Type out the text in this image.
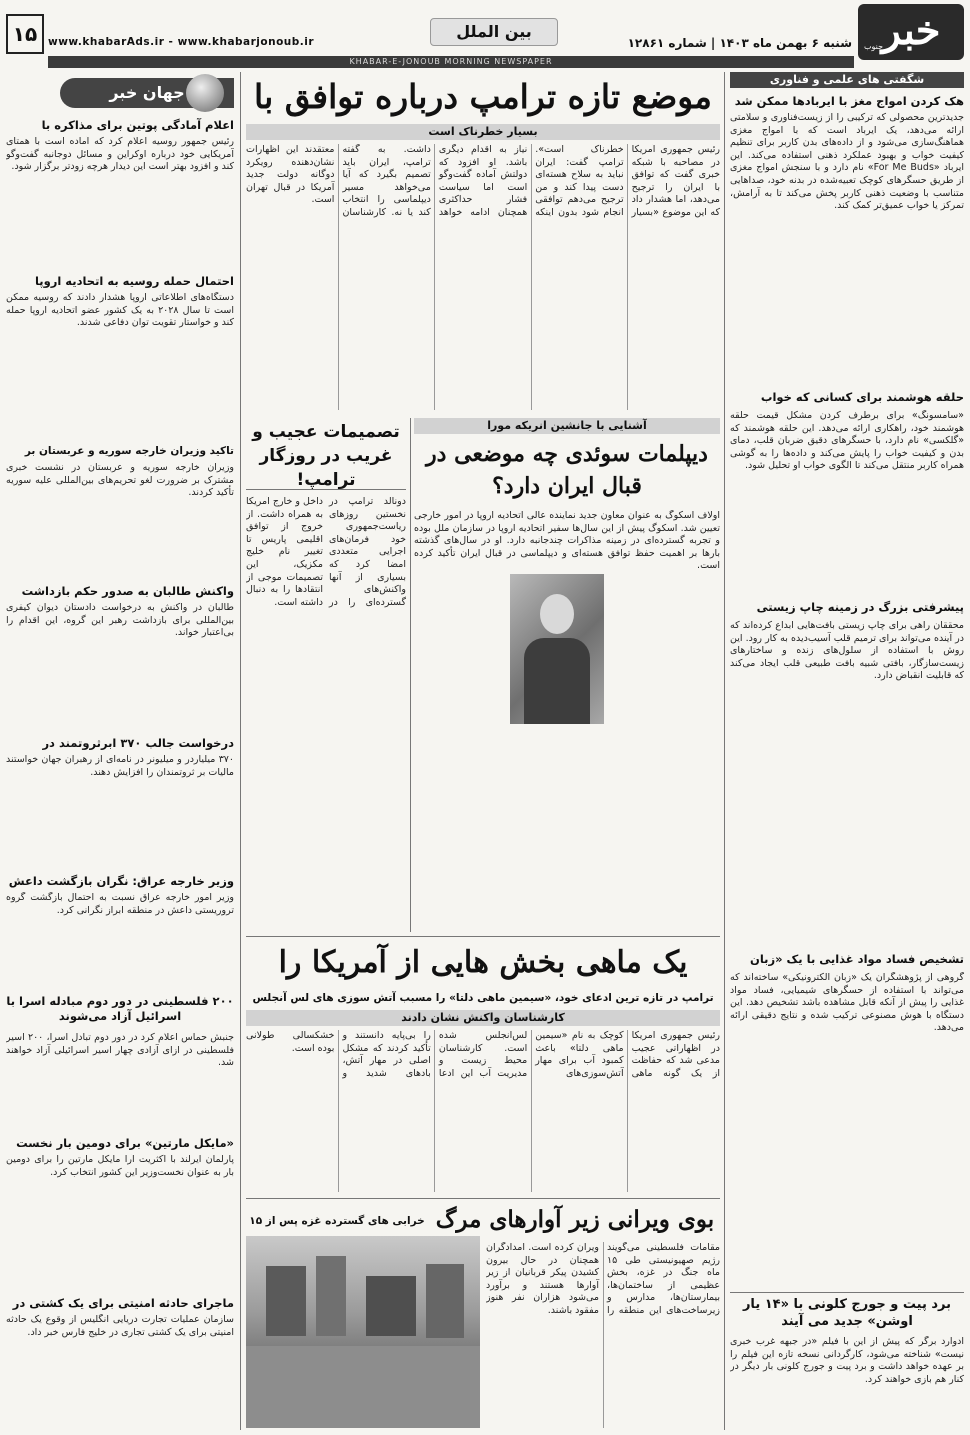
خبر
جنوب
شنبه ۶ بهمن ماه ۱۴۰۳ | شماره ۱۲۸۶۱
بین الملل
www.khabarAds.ir - www.khabarjonoub.ir
۱۵
KHABAR-E-JONOUB MORNING NEWSPAPER
شگفتی های علمی و فناوری
هک کردن امواج مغز با ایربادها ممکن شد
جدیدترین محصولی که ترکیبی را از زیست‌فناوری و سلامتی ارائه می‌دهد، یک ایرباد است که با امواج مغزی هماهنگ‌سازی می‌شود و از داده‌های بدن کاربر برای تنظیم کیفیت خواب و بهبود عملکرد ذهنی استفاده می‌کند. این ایرباد «For Me Buds» نام دارد و با سنجش امواج مغزی از طریق حسگرهای کوچک تعبیه‌شده در بدنه خود، صداهایی متناسب با وضعیت ذهنی کاربر پخش می‌کند تا به آرامش، تمرکز یا خواب عمیق‌تر کمک کند.
حلقه هوشمند برای کسانی که خواب
«سامسونگ» برای برطرف کردن مشکل قیمت حلقه هوشمند خود، راهکاری ارائه می‌دهد. این حلقه هوشمند که «گلکسی» نام دارد، با حسگرهای دقیق ضربان قلب، دمای بدن و کیفیت خواب را پایش می‌کند و داده‌ها را به گوشی همراه کاربر منتقل می‌کند تا الگوی خواب او تحلیل شود.
پیشرفتی بزرگ در زمینه چاپ زیستی
محققان راهی برای چاپ زیستی بافت‌هایی ابداع کرده‌اند که در آینده می‌تواند برای ترمیم قلب آسیب‌دیده به کار رود. این روش با استفاده از سلول‌های زنده و ساختارهای زیست‌سازگار، بافتی شبیه بافت طبیعی قلب ایجاد می‌کند که قابلیت انقباض دارد.
تشخیص فساد مواد غذایی با یک «زبان
گروهی از پژوهشگران یک «زبان الکترونیکی» ساخته‌اند که می‌تواند با استفاده از حسگرهای شیمیایی، فساد مواد غذایی را پیش از آنکه قابل مشاهده باشد تشخیص دهد. این دستگاه با هوش مصنوعی ترکیب شده و نتایج دقیقی ارائه می‌دهد.
برد پیت و جورج کلونی با «۱۴ یار اوشن» جدید می آیند
ادوارد برگر که پیش از این با فیلم «در جبهه غرب خبری نیست» شناخته می‌شود، کارگردانی نسخه تازه این فیلم را بر عهده خواهد داشت و برد پیت و جورج کلونی بار دیگر در کنار هم بازی خواهند کرد.
موضع تازه ترامپ درباره توافق با
بسیار خطرناک است
رئیس جمهوری آمریکا در مصاحبه با شبکه خبری گفت که توافق با ایران را ترجیح می‌دهد، اما هشدار داد که این موضوع «بسیار خطرناک است». ترامپ گفت: ایران نباید به سلاح هسته‌ای دست پیدا کند و من ترجیح می‌دهم توافقی انجام شود بدون اینکه نیاز به اقدام دیگری باشد. او افزود که دولتش آماده گفت‌وگو است اما سیاست فشار حداکثری همچنان ادامه خواهد داشت. به گفته ترامپ، ایران باید تصمیم بگیرد که آیا می‌خواهد مسیر دیپلماسی را انتخاب کند یا نه. کارشناسان معتقدند این اظهارات نشان‌دهنده رویکرد دوگانه دولت جدید آمریکا در قبال تهران است.
آشنایی با جانشین انریکه مورا
دیپلمات سوئدی چه موضعی در قبال ایران دارد؟
اولاف اسکوگ به عنوان معاون جدید نماینده عالی اتحادیه اروپا در امور خارجی تعیین شد. اسکوگ پیش از این سال‌ها سفیر اتحادیه اروپا در سازمان ملل بوده و تجربه گسترده‌ای در زمینه مذاکرات چندجانبه دارد. او در سال‌های گذشته بارها بر اهمیت حفظ توافق هسته‌ای و دیپلماسی در قبال ایران تأکید کرده است.
تصمیمات عجیب و غریب در روزگار ترامپ!
دونالد ترامپ در نخستین روزهای ریاست‌جمهوری خود فرمان‌های اجرایی متعددی امضا کرد که بسیاری از آنها واکنش‌های گسترده‌ای را در داخل و خارج آمریکا به همراه داشت. از خروج از توافق اقلیمی پاریس تا تغییر نام خلیج مکزیک، این تصمیمات موجی از انتقادها را به دنبال داشته است.
یک ماهی بخش هایی از آمریکا را
ترامپ در تازه ترین ادعای خود، «سیمین ماهی دلتا» را مسبب آتش سوزی های لس آنجلس
کارشناسان واکنش نشان دادند
رئیس جمهوری آمریکا در اظهاراتی عجیب مدعی شد که حفاظت از یک گونه ماهی کوچک به نام «سیمین ماهی دلتا» باعث کمبود آب برای مهار آتش‌سوزی‌های لس‌آنجلس شده است. کارشناسان محیط زیست و مدیریت آب این ادعا را بی‌پایه دانستند و تأکید کردند که مشکل اصلی در مهار آتش، بادهای شدید و خشکسالی طولانی بوده است.
بوی ویرانی زیر آوارهای مرگ
خرابی های گسترده غزه پس از ۱۵
مقامات فلسطینی می‌گویند رژیم صهیونیستی طی ۱۵ ماه جنگ در غزه، بخش عظیمی از ساختمان‌ها، بیمارستان‌ها، مدارس و زیرساخت‌های این منطقه را ویران کرده است. امدادگران همچنان در حال بیرون کشیدن پیکر قربانیان از زیر آوارها هستند و برآورد می‌شود هزاران نفر هنوز مفقود باشند.
جهان خبر
اعلام آمادگی پوتین برای مذاکره با
رئیس جمهور روسیه اعلام کرد که آماده است با همتای آمریکایی خود درباره اوکراین و مسائل دوجانبه گفت‌وگو کند و افزود بهتر است این دیدار هرچه زودتر برگزار شود.
احتمال حمله روسیه به اتحادیه اروپا
دستگاه‌های اطلاعاتی اروپا هشدار دادند که روسیه ممکن است تا سال ۲۰۲۸ به یک کشور عضو اتحادیه اروپا حمله کند و خواستار تقویت توان دفاعی شدند.
تاکید وزیران خارجه سوریه و عربستان بر
وزیران خارجه سوریه و عربستان در نشست خبری مشترک بر ضرورت لغو تحریم‌های بین‌المللی علیه سوریه تأکید کردند.
واکنش طالبان به صدور حکم بازداشت
طالبان در واکنش به درخواست دادستان دیوان کیفری بین‌المللی برای بازداشت رهبر این گروه، این اقدام را بی‌اعتبار خواند.
درخواست جالب ۳۷۰ ابرثروتمند در
۳۷۰ میلیاردر و میلیونر در نامه‌ای از رهبران جهان خواستند مالیات بر ثروتمندان را افزایش دهند.
وزیر خارجه عراق: نگران بازگشت داعش
وزیر امور خارجه عراق نسبت به احتمال بازگشت گروه تروریستی داعش در منطقه ابراز نگرانی کرد.
۲۰۰ فلسطینی در دور دوم مبادله اسرا با اسرائیل آزاد می‌شوند
جنبش حماس اعلام کرد در دور دوم تبادل اسرا، ۲۰۰ اسیر فلسطینی در ازای آزادی چهار اسیر اسرائیلی آزاد خواهند شد.
«مایکل مارتین» برای دومین بار نخست
پارلمان ایرلند با اکثریت آرا مایکل مارتین را برای دومین بار به عنوان نخست‌وزیر این کشور انتخاب کرد.
ماجرای حادثه امنیتی برای یک کشتی در
سازمان عملیات تجارت دریایی انگلیس از وقوع یک حادثه امنیتی برای یک کشتی تجاری در خلیج فارس خبر داد.
